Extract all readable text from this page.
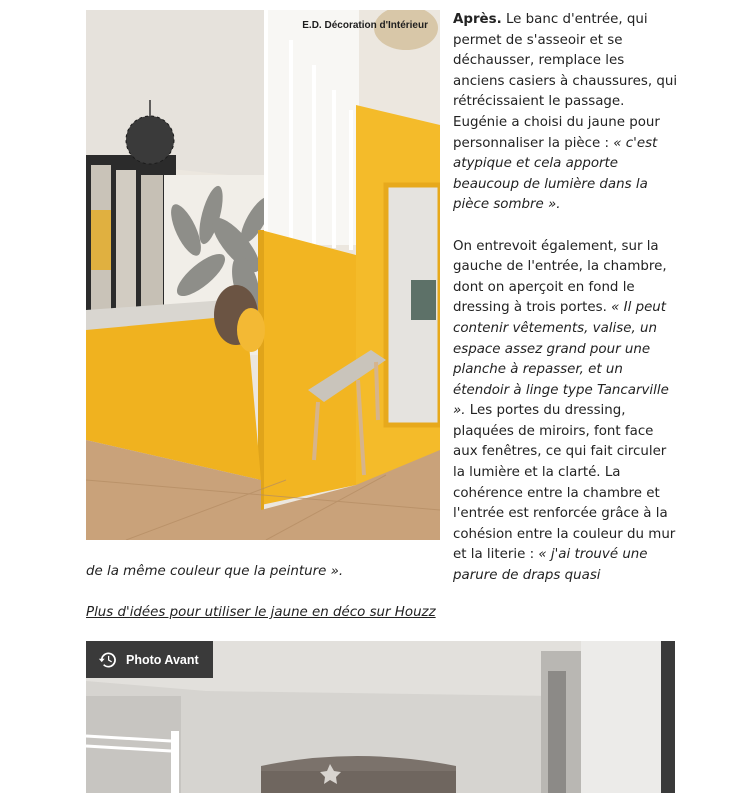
E.D. Décoration d'Intérieur Après. Le banc d'entrée, qui permet de s'asseoir et se déchausser, remplace les anciens casiers à chaussures, qui rétrécissaient le passage. Eugénie a choisi du jaune pour personnaliser la pièce : « c'est atypique et cela apporte beaucoup de lumière dans la pièce sombre ».

On entrevoit également, sur la gauche de l'entrée, la chambre, dont on aperçoit en fond le dressing à trois portes. « Il peut contenir vêtements, valise, un espace assez grand pour une planche à repasser, et un étendoir à linge type Tancarville ». Les portes du dressing, plaquées de miroirs, font face aux fenêtres, ce qui fait circuler la lumière et la clarté. La cohérence entre la chambre et l'entrée est renforcée grâce à la cohésion entre la couleur du mur et la literie : « j'ai trouvé une parure de draps quasi

de la même couleur que la peinture ».
Plus d'idées pour utiliser le jaune en déco sur Houzz
Photo Avant
